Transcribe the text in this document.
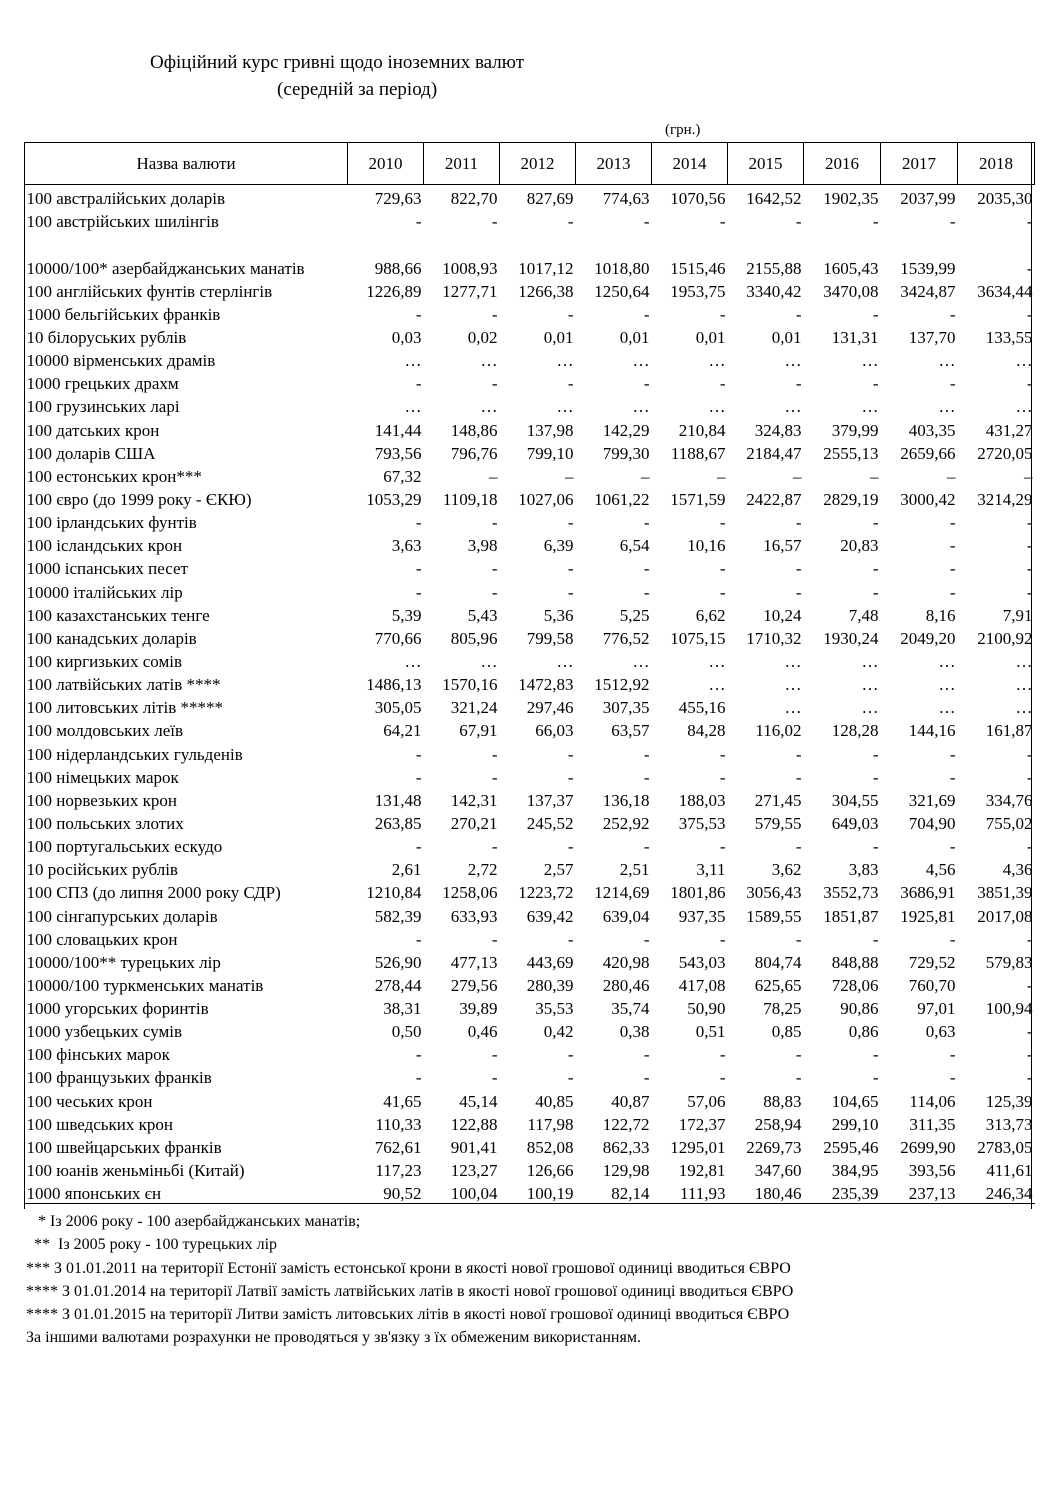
Офіційний курс гривні щодо іноземних валют
(середній за період)
(грн.)
Назва валюти	2010	2011	2012	2013	2014	2015	2016	2017	2018
100 австралійських доларів	729,63	822,70	827,69	774,63	1070,56	1642,52	1902,35	2037,99	2035,30
100 австрійських шилінгів	-	-	-	-	-	-	-	-	-

10000/100* азербайджанських манатів	988,66	1008,93	1017,12	1018,80	1515,46	2155,88	1605,43	1539,99	-
100 англійських фунтів стерлінгів	1226,89	1277,71	1266,38	1250,64	1953,75	3340,42	3470,08	3424,87	3634,44
1000 бельгійських франків	-	-	-	-	-	-	-	-	-
10 білоруських рублів	0,03	0,02	0,01	0,01	0,01	0,01	131,31	137,70	133,55
10000 вірменських драмів	…	…	…	…	…	…	…	…	…
1000 грецьких драхм	-	-	-	-	-	-	-	-	-
100 грузинських ларі	…	…	…	…	…	…	…	…	…
100 датських крон	141,44	148,86	137,98	142,29	210,84	324,83	379,99	403,35	431,27
100 доларів США	793,56	796,76	799,10	799,30	1188,67	2184,47	2555,13	2659,66	2720,05
100 естонських крон***	67,32	–	–	–	–	–	–	–	–
100 євро (до 1999 року - ЄКЮ)	1053,29	1109,18	1027,06	1061,22	1571,59	2422,87	2829,19	3000,42	3214,29
100 ірландських фунтів	-	-	-	-	-	-	-	-	-
100 ісландських крон	3,63	3,98	6,39	6,54	10,16	16,57	20,83	-	-
1000 іспанських песет	-	-	-	-	-	-	-	-	-
10000 італійських лір	-	-	-	-	-	-	-	-	-
100 казахстанських тенге	5,39	5,43	5,36	5,25	6,62	10,24	7,48	8,16	7,91
100 канадських доларів	770,66	805,96	799,58	776,52	1075,15	1710,32	1930,24	2049,20	2100,92
100 киргизьких сомів	…	…	…	…	…	…	…	…	…
100 латвійських латів ****	1486,13	1570,16	1472,83	1512,92	…	…	…	…	…
100 литовських літів *****	305,05	321,24	297,46	307,35	455,16	…	…	…	…
100 молдовських леїв	64,21	67,91	66,03	63,57	84,28	116,02	128,28	144,16	161,87
100 нідерландських гульденів	-	-	-	-	-	-	-	-	-
100 німецьких марок	-	-	-	-	-	-	-	-	-
100 норвезьких крон	131,48	142,31	137,37	136,18	188,03	271,45	304,55	321,69	334,76
100 польських злотих	263,85	270,21	245,52	252,92	375,53	579,55	649,03	704,90	755,02
100 португальських ескудо	-	-	-	-	-	-	-	-	-
10 російських рублів	2,61	2,72	2,57	2,51	3,11	3,62	3,83	4,56	4,36
100 СПЗ (до липня 2000 року СДР)	1210,84	1258,06	1223,72	1214,69	1801,86	3056,43	3552,73	3686,91	3851,39
100 сінгапурських доларів	582,39	633,93	639,42	639,04	937,35	1589,55	1851,87	1925,81	2017,08
100 словацьких крон	-	-	-	-	-	-	-	-	-
10000/100** турецьких лір	526,90	477,13	443,69	420,98	543,03	804,74	848,88	729,52	579,83
10000/100 туркменських манатів	278,44	279,56	280,39	280,46	417,08	625,65	728,06	760,70	-
1000 угорських форинтів	38,31	39,89	35,53	35,74	50,90	78,25	90,86	97,01	100,94
1000 узбецьких сумів	0,50	0,46	0,42	0,38	0,51	0,85	0,86	0,63	-
100 фінських марок	-	-	-	-	-	-	-	-	-
100 французьких франків	-	-	-	-	-	-	-	-	-
100 чеських крон	41,65	45,14	40,85	40,87	57,06	88,83	104,65	114,06	125,39
100 шведських крон	110,33	122,88	117,98	122,72	172,37	258,94	299,10	311,35	313,73
100 швейцарських франків	762,61	901,41	852,08	862,33	1295,01	2269,73	2595,46	2699,90	2783,05
100 юанів женьміньбі (Китай)	117,23	123,27	126,66	129,98	192,81	347,60	384,95	393,56	411,61
1000 японських єн	90,52	100,04	100,19	82,14	111,93	180,46	235,39	237,13	246,34
* Із 2006 року - 100 азербайджанських манатів;
**  Із 2005 року - 100 турецьких лір
*** З 01.01.2011 на території Естонії замість естонської крони в якості нової грошової одиниці вводиться ЄВРО
**** З 01.01.2014 на території Латвії замість латвійських латів в якості нової грошової одиниці вводиться ЄВРО
**** З 01.01.2015 на території Литви замість литовських літів в якості нової грошової одиниці вводиться ЄВРО
За іншими валютами розрахунки не проводяться у зв'язку з їх обмеженим використанням.
